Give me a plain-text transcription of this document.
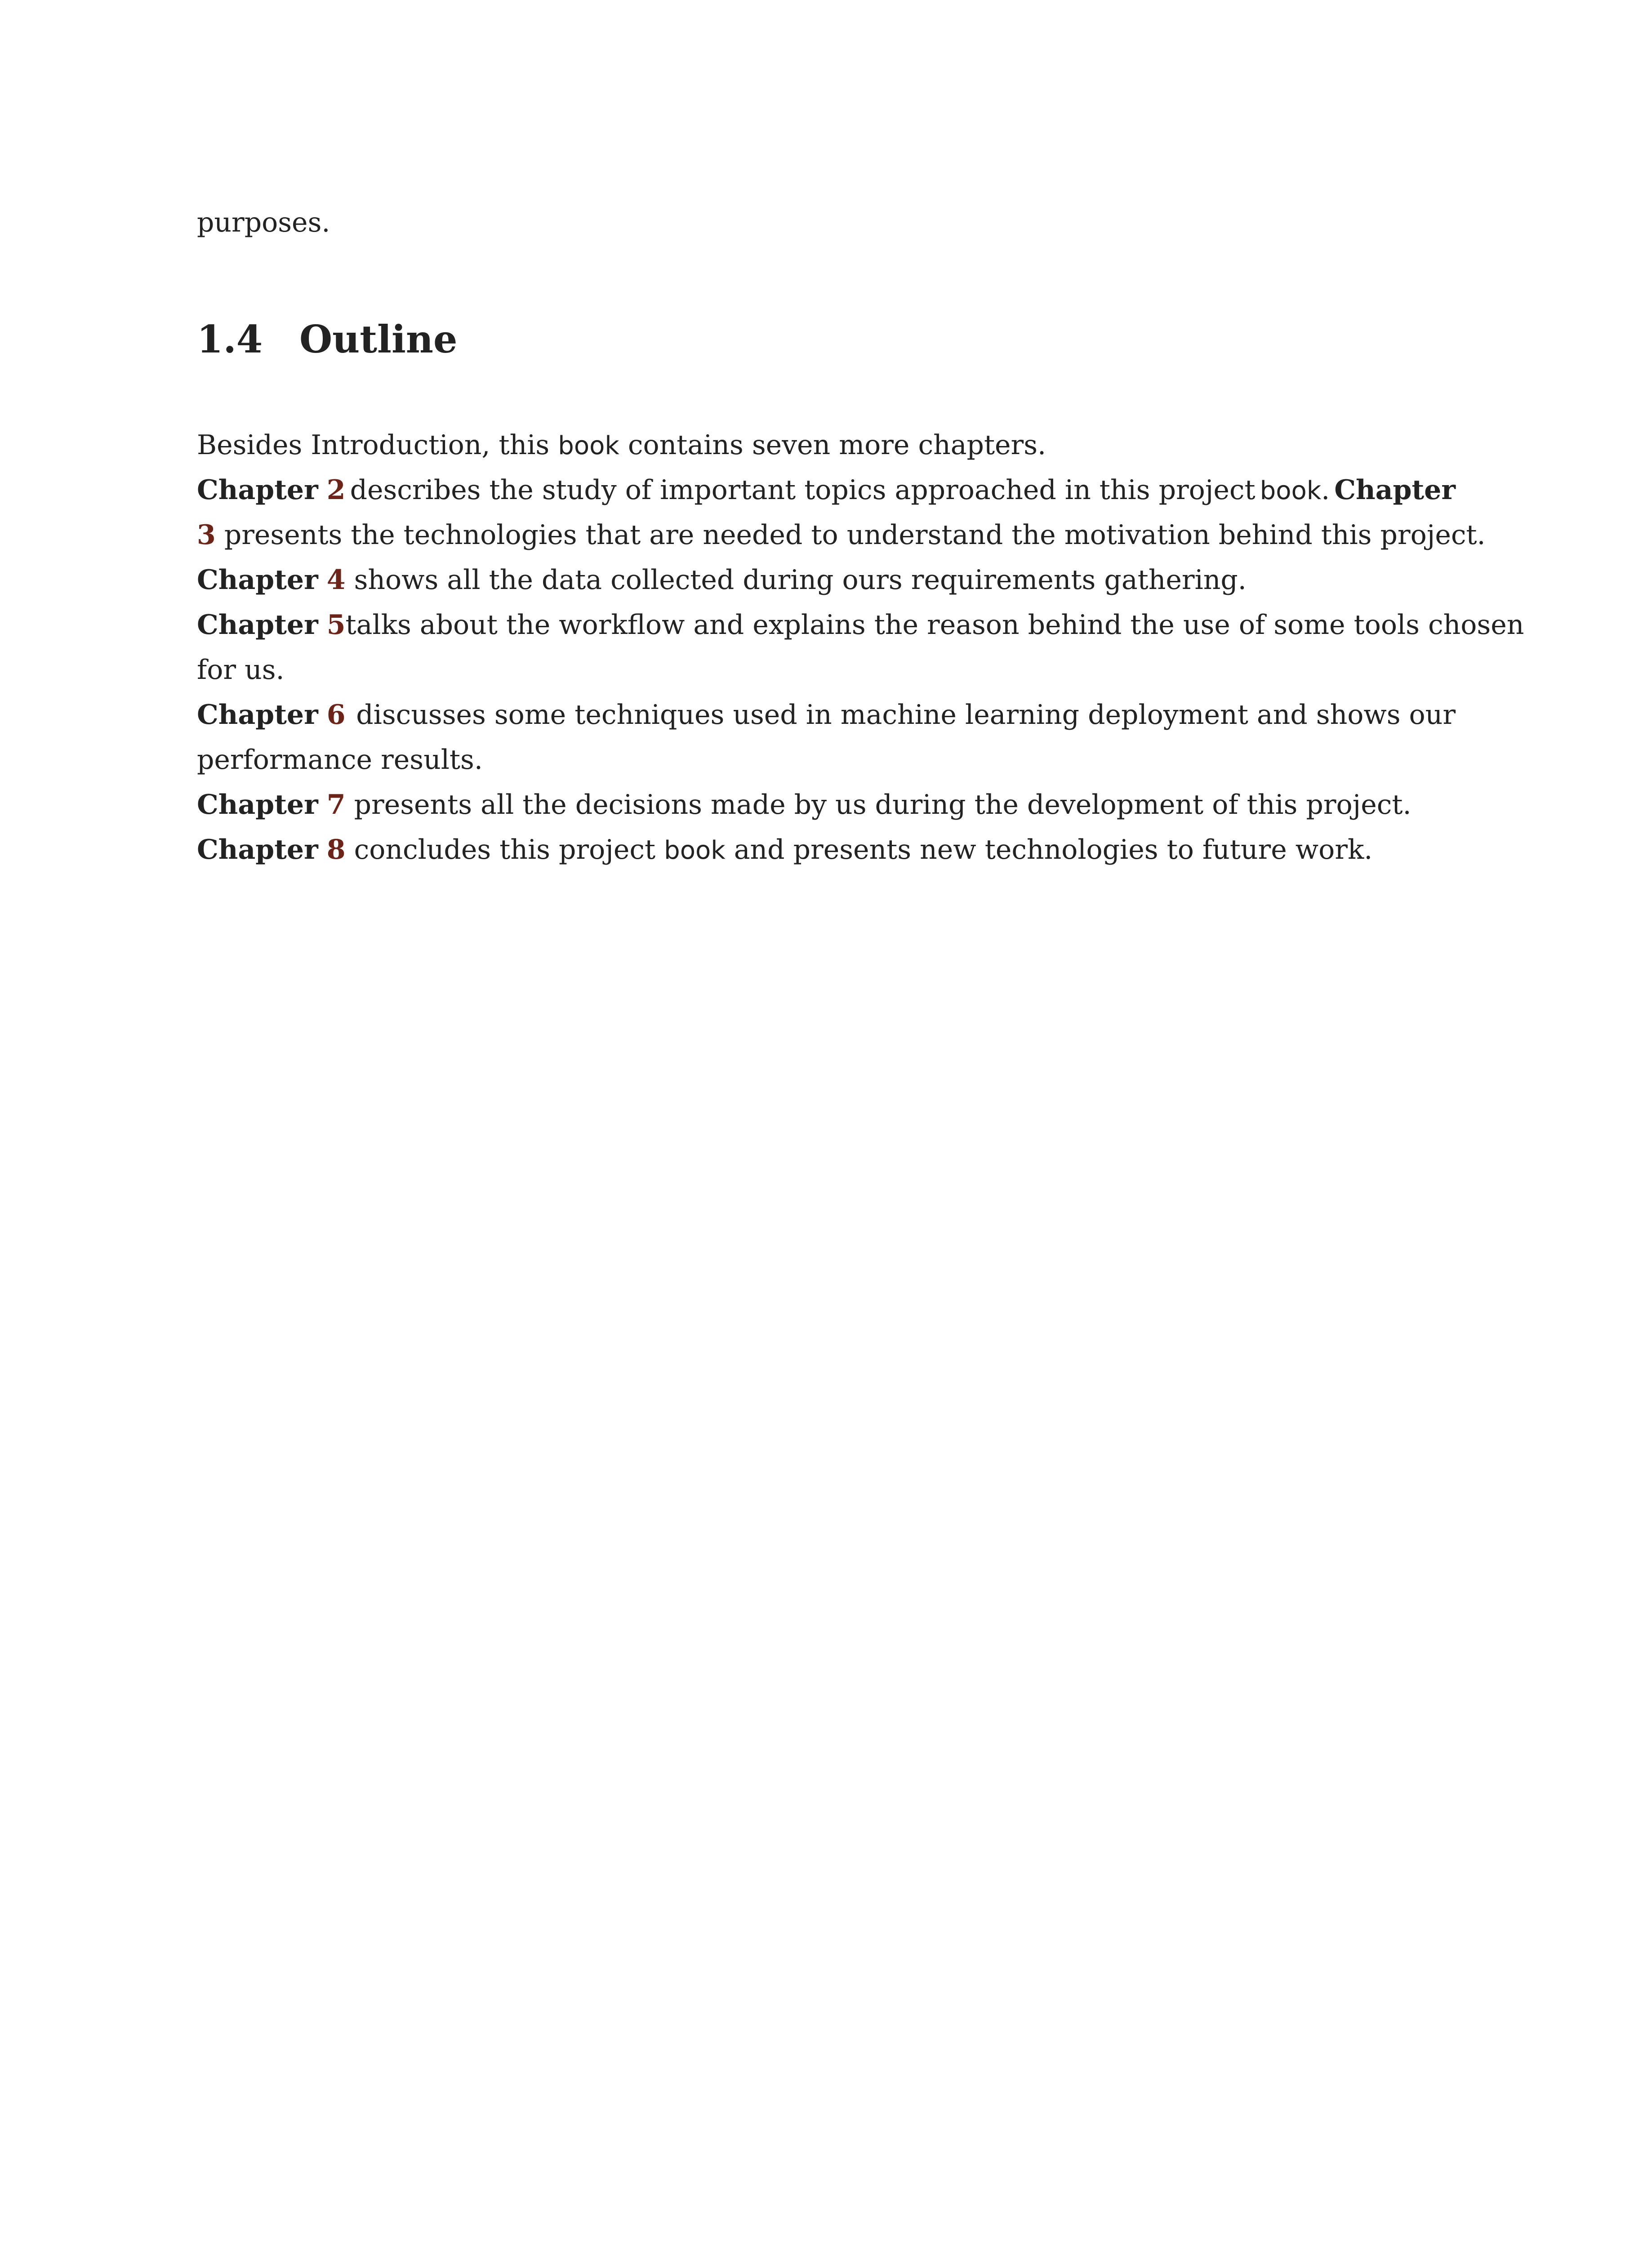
purposes.
1.4 Outline
Besides Introduction, this book contains seven more chapters.
Chapter 2 describes the study of important topics approached in this project book. Chapter
3 presents the technologies that are needed to understand the motivation behind this project.
Chapter 4 shows all the data collected during ours requirements gathering.
Chapter 5 talks about the workflow and explains the reason behind the use of some tools chosen
for us.
Chapter 6 discusses some techniques used in machine learning deployment and shows our
performance results.
Chapter 7 presents all the decisions made by us during the development of this project.
Chapter 8 concludes this project book and presents new technologies to future work.
